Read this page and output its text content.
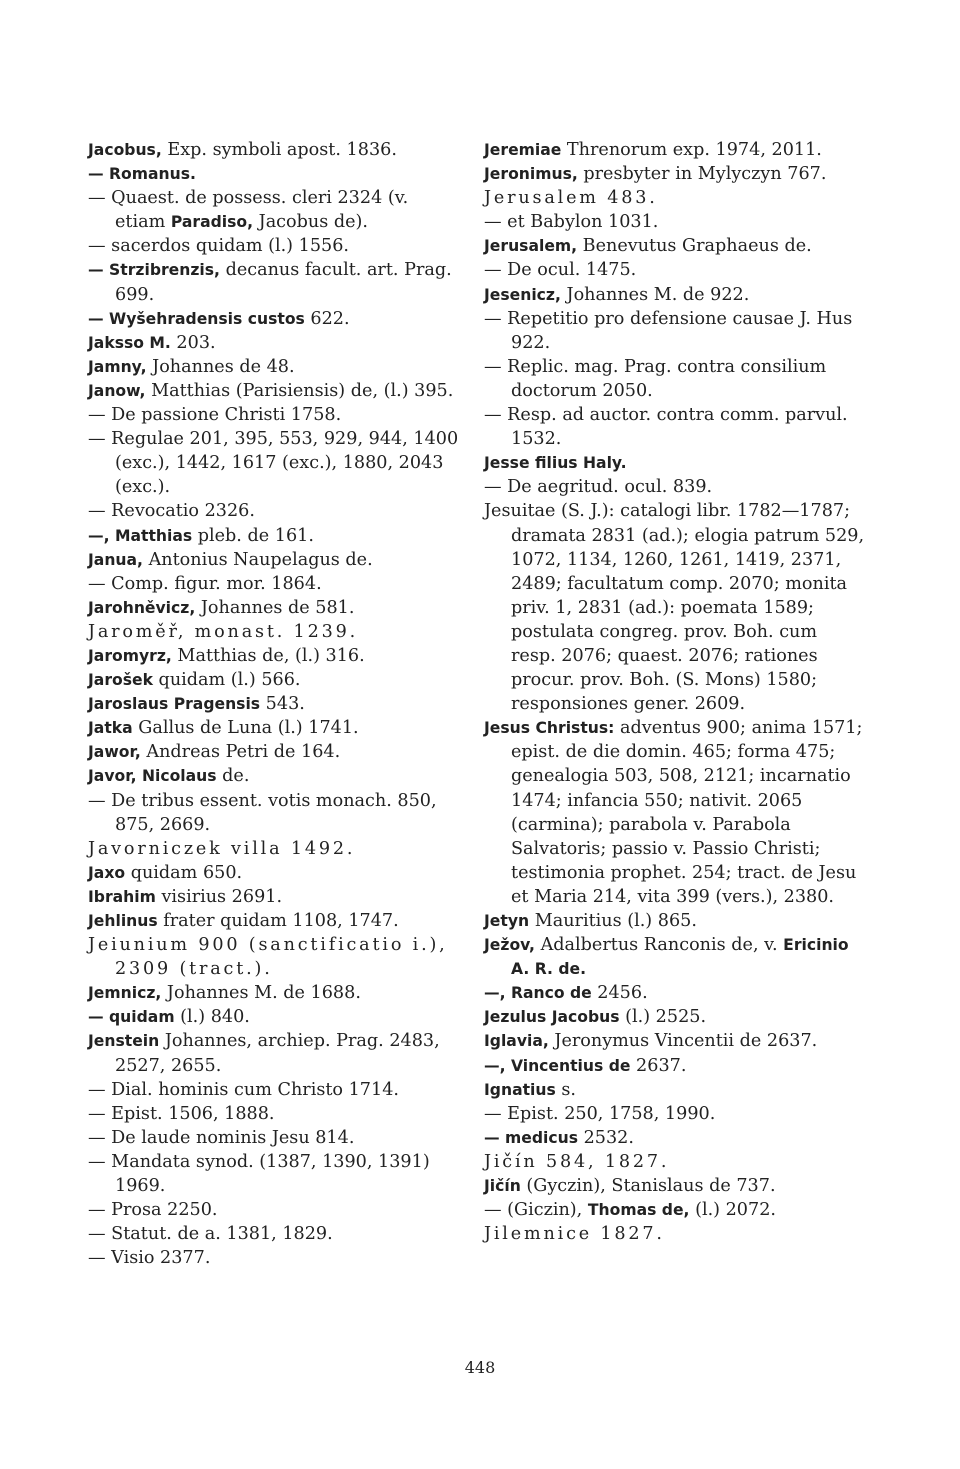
Jacobus, Exp. symboli apost. 1836.

— Romanus.

— Quaest. de possess. cleri 2324 (v. etiam Paradiso, Jacobus de).

— sacerdos quidam (l.) 1556.

— Strzibrenzis, decanus facult. art. Prag. 699.

— Wyšehradensis custos 622.

Jaksso M. 203.

Jamny, Johannes de 48.

Janow, Matthias (Parisiensis) de, (l.) 395.

— De passione Christi 1758.

— Regulae 201, 395, 553, 929, 944, 1400 (exc.), 1442, 1617 (exc.), 1880, 2043 (exc.).

— Revocatio 2326.

—, Matthias pleb. de 161.

Janua, Antonius Naupelagus de.

— Comp. figur. mor. 1864.

Jarohněvicz, Johannes de 581.

Jaroměř, monast. 1239.

Jaromyrz, Matthias de, (l.) 316.

Jarošek quidam (l.) 566.

Jaroslaus Pragensis 543.

Jatka Gallus de Luna (l.) 1741.

Jawor, Andreas Petri de 164.

Javor, Nicolaus de.

— De tribus essent. votis monach. 850, 875, 2669.

Javorniczek villa 1492.

Jaxo quidam 650.

Ibrahim visirius 2691.

Jehlinus frater quidam 1108, 1747.

Jeiunium 900 (sanctificatio i.), 2309 (tract.).

Jemnicz, Johannes M. de 1688.

— quidam (l.) 840.

Jenstein Johannes, archiep. Prag. 2483, 2527, 2655.

— Dial. hominis cum Christo 1714.

— Epist. 1506, 1888.

— De laude nominis Jesu 814.

— Mandata synod. (1387, 1390, 1391) 1969.

— Prosa 2250.

— Statut. de a. 1381, 1829.

— Visio 2377.

Jeremiae Threnorum exp. 1974, 2011.

Jeronimus, presbyter in Mylyczyn 767.

Jerusalem 483.

— et Babylon 1031.

Jerusalem, Benevutus Graphaeus de.

— De ocul. 1475.

Jesenicz, Johannes M. de 922.

— Repetitio pro defensione causae J. Hus 922.

— Replic. mag. Prag. contra consilium doctorum 2050.

— Resp. ad auctor. contra comm. parvul. 1532.

Jesse filius Haly.

— De aegritud. ocul. 839.

Jesuitae (S. J.): catalogi libr. 1782—1787; dramata 2831 (ad.); elogia patrum 529, 1072, 1134, 1260, 1261, 1419, 2371, 2489; facultatum comp. 2070; monita priv. 1, 2831 (ad.): poemata 1589; postulata congreg. prov. Boh. cum resp. 2076; quaest. 2076; rationes procur. prov. Boh. (S. Mons) 1580; responsiones gener. 2609.

Jesus Christus: adventus 900; anima 1571; epist. de die domin. 465; forma 475; genealogia 503, 508, 2121; incarnatio 1474; infancia 550; nativit. 2065 (carmina); parabola v. Parabola Salvatoris; passio v. Passio Christi; testimonia prophet. 254; tract. de Jesu et Maria 214, vita 399 (vers.), 2380.

Jetyn Mauritius (l.) 865.

Ježov, Adalbertus Ranconis de, v. Ericinio A. R. de.

—, Ranco de 2456.

Jezulus Jacobus (l.) 2525.

Iglavia, Jeronymus Vincentii de 2637.

—, Vincentius de 2637.

Ignatius s.

— Epist. 250, 1758, 1990.

— medicus 2532.

Jičín 584, 1827.

Jičín (Gyczin), Stanislaus de 737.

— (Giczin), Thomas de, (l.) 2072.

Jilemnice 1827.

448
